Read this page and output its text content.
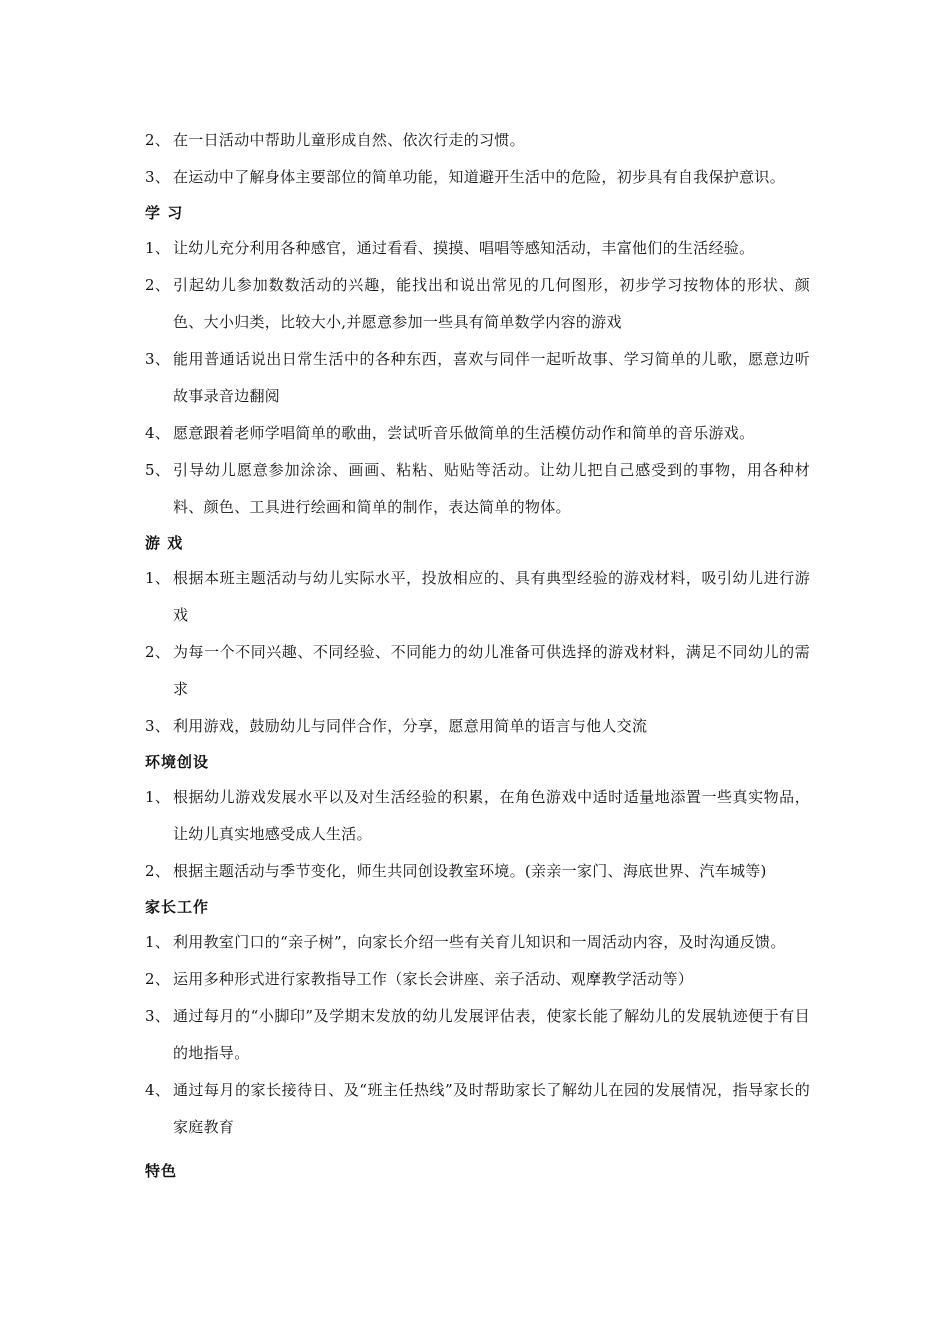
2、 在一日活动中帮助儿童形成自然、依次行走的习惯。
3、 在运动中了解身体主要部位的简单功能，知道避开生活中的危险，初步具有自我保护意识。
学 习
1、 让幼儿充分利用各种感官，通过看看、摸摸、唱唱等感知活动，丰富他们的生活经验。
2、 引起幼儿参加数数活动的兴趣，能找出和说出常见的几何图形，初步学习按物体的形状、颜色、大小归类，比较大小,并愿意参加一些具有简单数学内容的游戏
3、 能用普通话说出日常生活中的各种东西，喜欢与同伴一起听故事、学习简单的儿歌，愿意边听故事录音边翻阅
4、 愿意跟着老师学唱简单的歌曲，尝试听音乐做简单的生活模仿动作和简单的音乐游戏。
5、 引导幼儿愿意参加涂涂、画画、粘粘、贴贴等活动。让幼儿把自己感受到的事物，用各种材料、颜色、工具进行绘画和简单的制作，表达简单的物体。
游 戏
1、 根据本班主题活动与幼儿实际水平，投放相应的、具有典型经验的游戏材料，吸引幼儿进行游戏
2、 为每一个不同兴趣、不同经验、不同能力的幼儿准备可供选择的游戏材料，满足不同幼儿的需求
3、 利用游戏，鼓励幼儿与同伴合作，分享，愿意用简单的语言与他人交流
环境创设
1、 根据幼儿游戏发展水平以及对生活经验的积累，在角色游戏中适时适量地添置一些真实物品，让幼儿真实地感受成人生活。
2、 根据主题活动与季节变化，师生共同创设教室环境。(亲亲一家门、海底世界、汽车城等)
家长工作
1、 利用教室门口的“亲子树”，向家长介绍一些有关育儿知识和一周活动内容，及时沟通反馈。
2、 运用多种形式进行家教指导工作（家长会讲座、亲子活动、观摩教学活动等）
3、 通过每月的“小脚印”及学期末发放的幼儿发展评估表，使家长能了解幼儿的发展轨迹便于有目的地指导。
4、 通过每月的家长接待日、及“班主任热线”及时帮助家长了解幼儿在园的发展情况，指导家长的家庭教育
特色
